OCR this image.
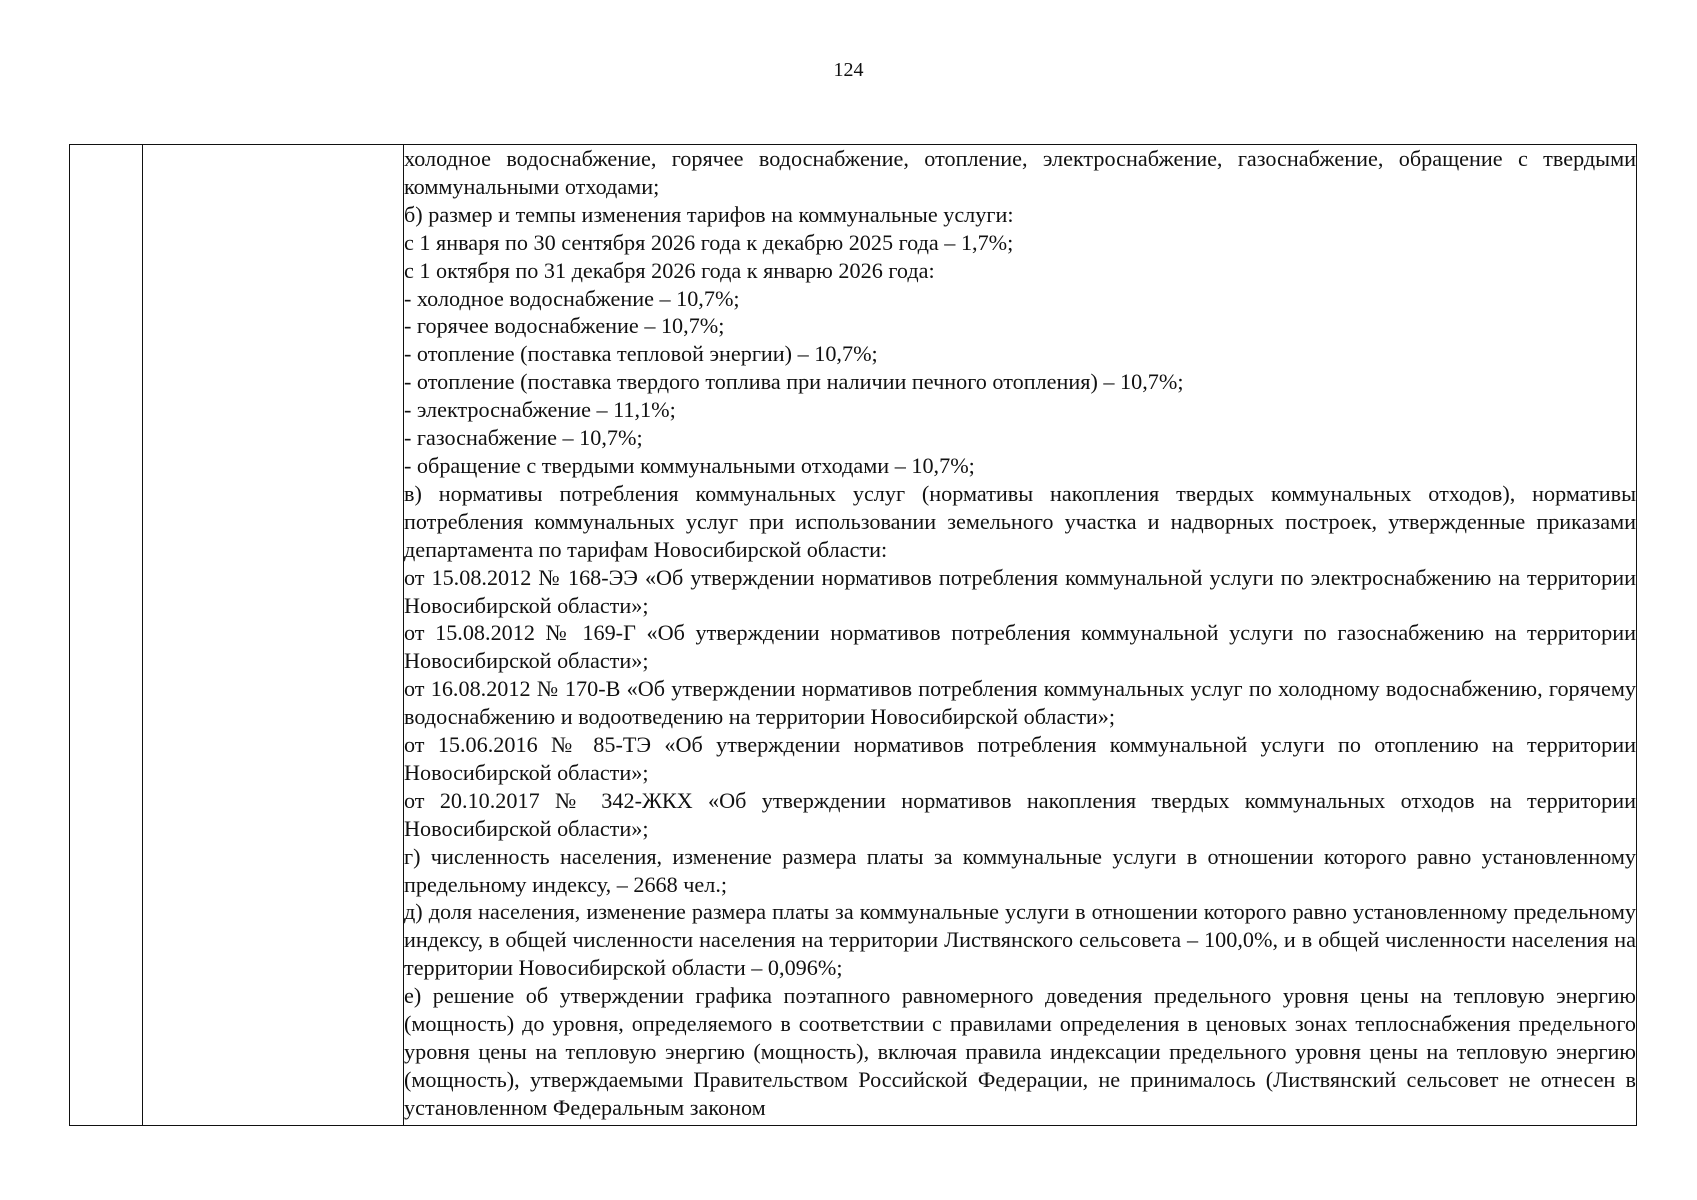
124

холодное водоснабжение, горячее водоснабжение, отопление, электроснабжение, газоснабжение, обращение с твердыми коммунальными отходами;

б) размер и темпы изменения тарифов на коммунальные услуги:

с 1 января по 30 сентября 2026 года к декабрю 2025 года – 1,7%;

с 1 октября по 31 декабря 2026 года к январю 2026 года:

- холодное водоснабжение – 10,7%;

- горячее водоснабжение – 10,7%;

- отопление (поставка тепловой энергии) – 10,7%;

- отопление (поставка твердого топлива при наличии печного отопления) – 10,7%;

- электроснабжение – 11,1%;

- газоснабжение – 10,7%;

- обращение с твердыми коммунальными отходами – 10,7%;

в) нормативы потребления коммунальных услуг (нормативы накопления твердых коммунальных отходов), нормативы потребления коммунальных услуг при использовании земельного участка и надворных построек, утвержденные приказами департамента по тарифам Новосибирской области:

от 15.08.2012 № 168-ЭЭ «Об утверждении нормативов потребления коммунальной услуги по электроснабжению на территории Новосибирской области»;

от 15.08.2012 № 169-Г «Об утверждении нормативов потребления коммунальной услуги по газоснабжению на территории Новосибирской области»;

от 16.08.2012 № 170-В «Об утверждении нормативов потребления коммунальных услуг по холодному водоснабжению, горячему водоснабжению и водоотведению на территории Новосибирской области»;

от 15.06.2016 № 85-ТЭ «Об утверждении нормативов потребления коммунальной услуги по отоплению на территории Новосибирской области»;

от 20.10.2017 № 342-ЖКХ «Об утверждении нормативов накопления твердых коммунальных отходов на территории Новосибирской области»;

г) численность населения, изменение размера платы за коммунальные услуги в отношении которого равно установленному предельному индексу, – 2668 чел.;

д) доля населения, изменение размера платы за коммунальные услуги в отношении которого равно установленному предельному индексу, в общей численности населения на территории Листвянского сельсовета – 100,0%, и в общей численности населения на территории Новосибирской области – 0,096%;

е) решение об утверждении графика поэтапного равномерного доведения предельного уровня цены на тепловую энергию (мощность) до уровня, определяемого в соответствии с правилами определения в ценовых зонах теплоснабжения предельного уровня цены на тепловую энергию (мощность), включая правила индексации предельного уровня цены на тепловую энергию (мощность), утверждаемыми Правительством Российской Федерации, не принималось (Листвянский сельсовет не отнесен в установленном Федеральным законом
